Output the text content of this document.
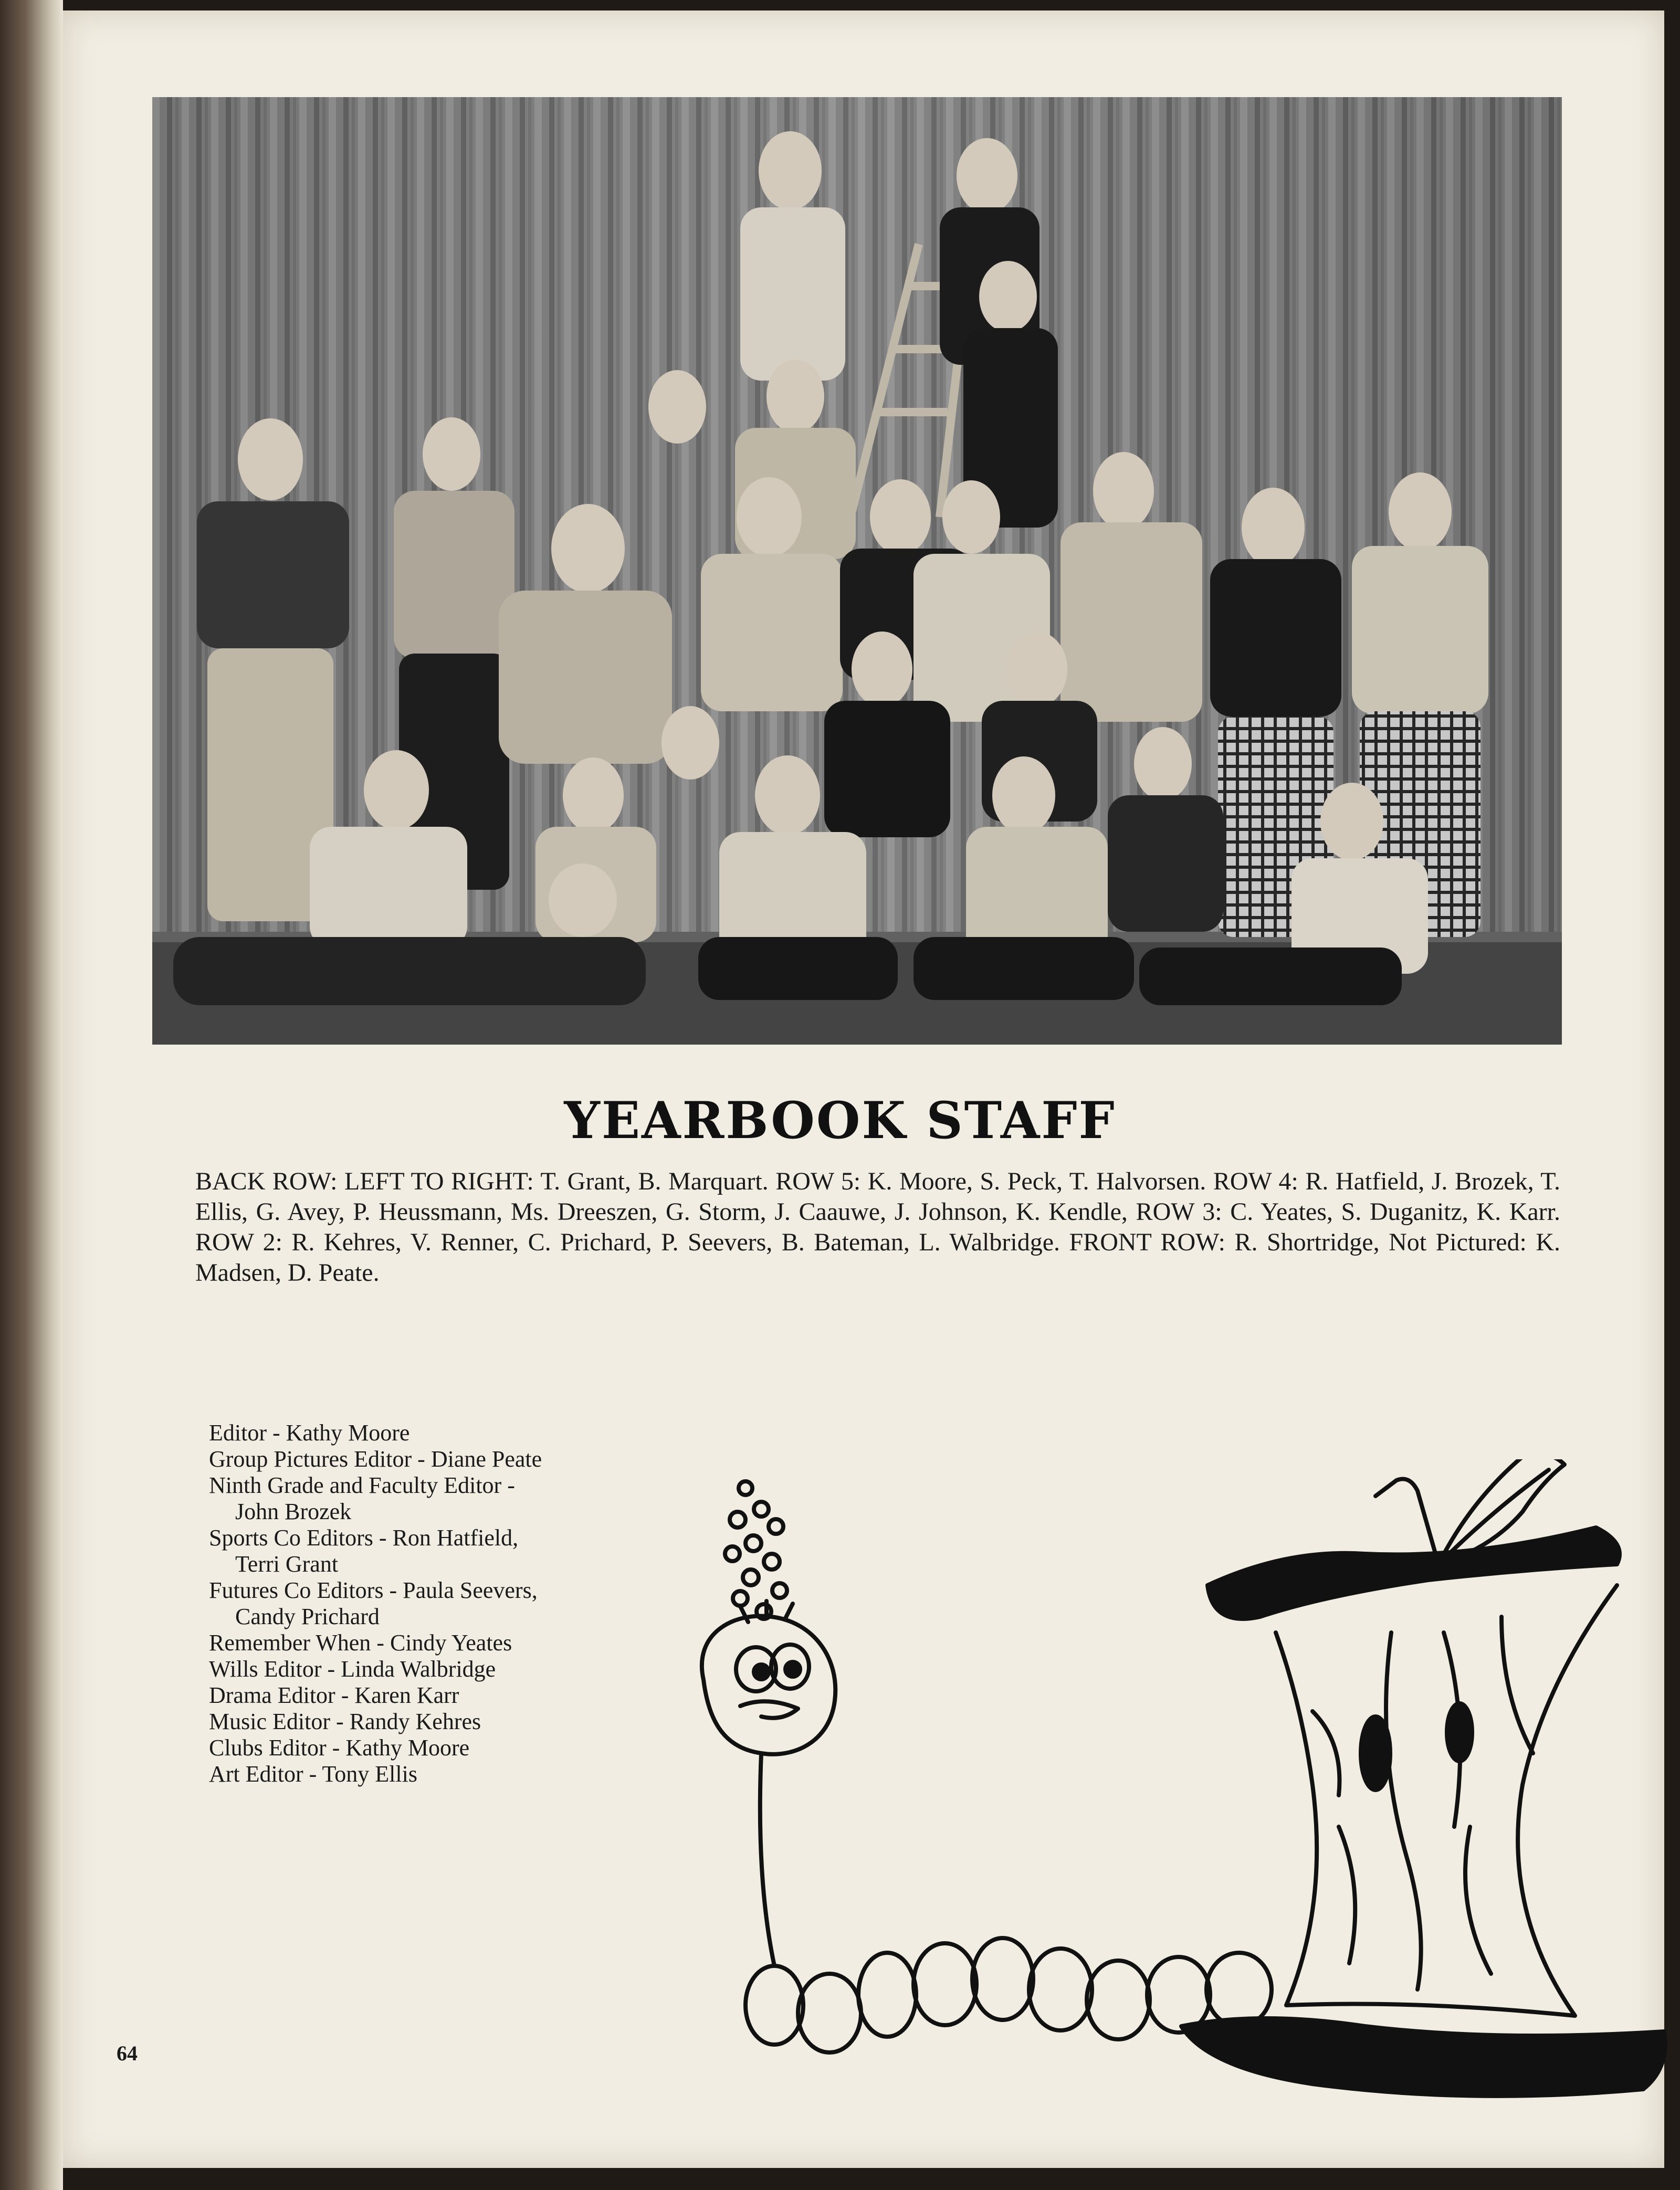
YEARBOOK STAFF
BACK ROW: LEFT TO RIGHT: T. Grant, B. Marquart. ROW 5: K. Moore, S. Peck, T. Halvorsen. ROW 4: R. Hatfield, J. Brozek, T. Ellis, G. Avey, P. Heussmann, Ms. Dreeszen, G. Storm, J. Caauwe, J. Johnson, K. Kendle, ROW 3: C. Yeates, S. Duganitz, K. Karr. ROW 2: R. Kehres, V. Renner, C. Prichard, P. Seevers, B. Bateman, L. Walbridge. FRONT ROW: R. Shortridge, Not Pictured: K. Madsen, D. Peate.
Editor - Kathy Moore
Group Pictures Editor - Diane Peate
Ninth Grade and Faculty Editor -
John Brozek
Sports Co Editors - Ron Hatfield,
Terri Grant
Futures Co Editors - Paula Seevers,
Candy Prichard
Remember When - Cindy Yeates
Wills Editor - Linda Walbridge
Drama Editor - Karen Karr
Music Editor - Randy Kehres
Clubs Editor - Kathy Moore
Art Editor - Tony Ellis
64
